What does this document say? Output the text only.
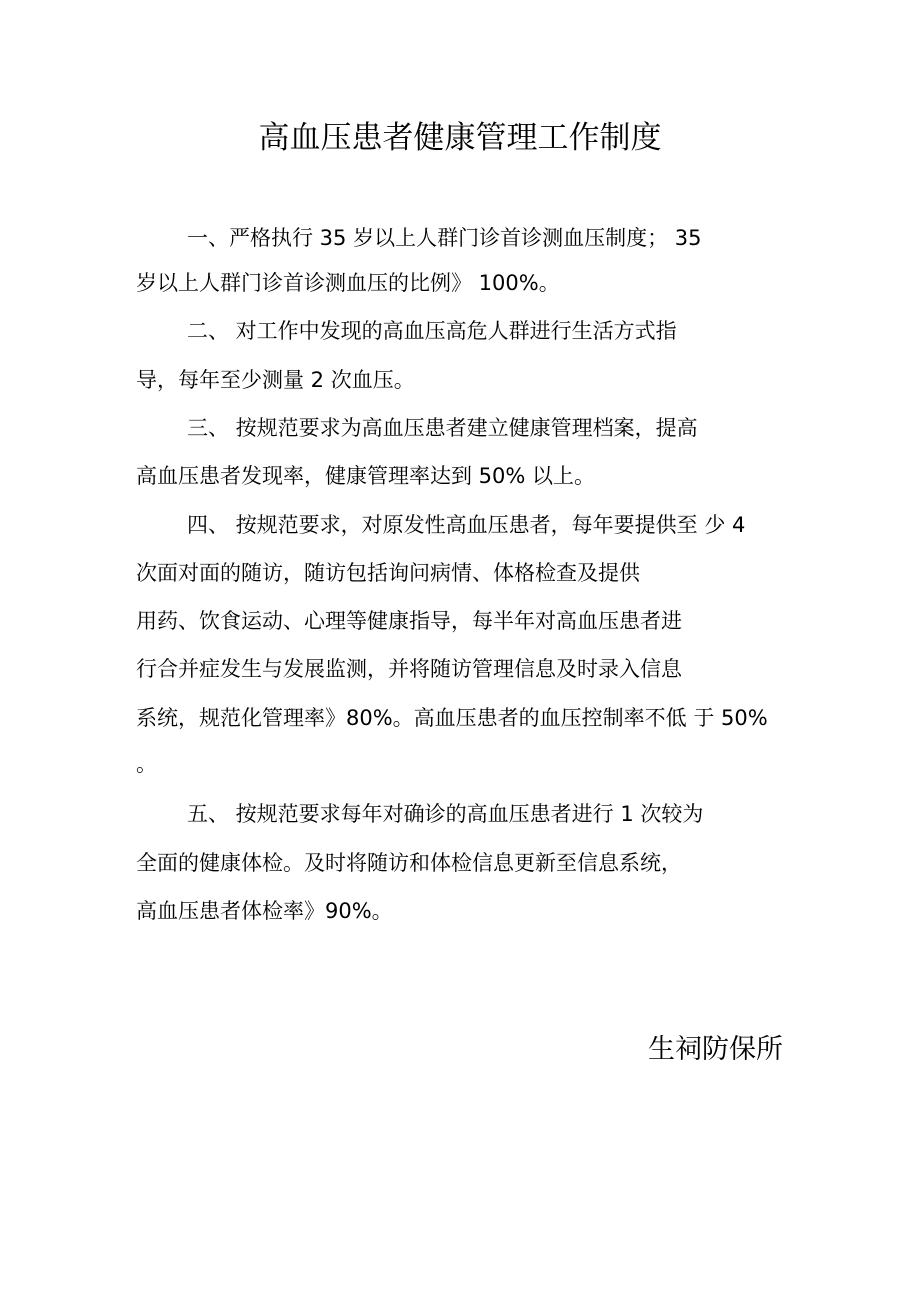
高血压患者健康管理工作制度
一、严格执行 35 岁以上人群门诊首诊测血压制度； 35
岁以上人群门诊首诊测血压的比例》 100%。
二、 对工作中发现的高血压高危人群进行生活方式指
导，每年至少测量 2 次血压。
三、 按规范要求为高血压患者建立健康管理档案，提高
高血压患者发现率，健康管理率达到 50% 以上。
四、 按规范要求，对原发性高血压患者，每年要提供至 少 4
次面对面的随访，随访包括询问病情、体格检查及提供
用药、饮食运动、心理等健康指导，每半年对高血压患者进
行合并症发生与发展监测，并将随访管理信息及时录入信息
系统，规范化管理率》80%。高血压患者的血压控制率不低 于 50%
。
五、 按规范要求每年对确诊的高血压患者进行 1 次较为
全面的健康体检。及时将随访和体检信息更新至信息系统，
高血压患者体检率》90%。
生祠防保所
